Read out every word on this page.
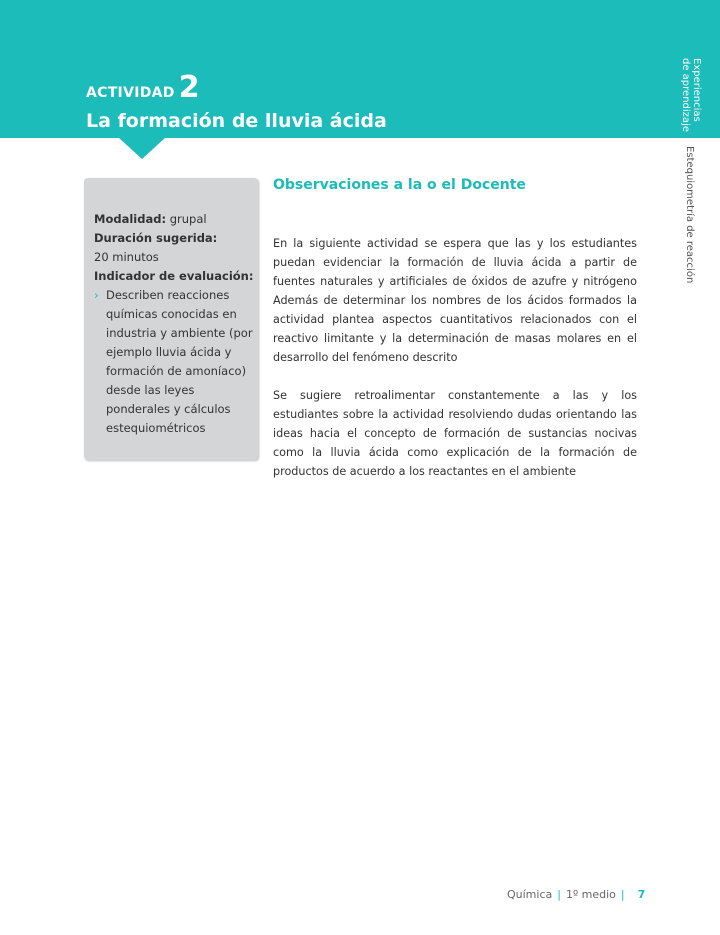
ACTIVIDAD 2
La formación de lluvia ácida	Experiencias
de aprendizaje
Estequiometría de reacción
Modalidad: grupal
Duración sugerida:
20 minutos
Indicador de evaluación:
› Describen reacciones químicas conocidas en industria y ambiente (por ejemplo lluvia ácida y formación de amoníaco) desde las leyes ponderales y cálculos estequiométricos
Observaciones a la o el Docente

En la siguiente actividad se espera que las y los estudiantes puedan evidenciar la formación de lluvia ácida a partir de fuentes naturales y artificiales de óxidos de azufre y nitrógeno Además de determinar los nombres de los ácidos formados la actividad plantea aspectos cuantitativos relacionados con el reactivo limitante y la determinación de masas molares en el desarrollo del fenómeno descrito

Se sugiere retroalimentar constantemente a las y los estudiantes sobre la actividad resolviendo dudas orientando las ideas hacia el concepto de formación de sustancias nocivas como la lluvia ácida como explicación de la formación de productos de acuerdo a los reactantes en el ambiente

Química | 1º medio | 7
